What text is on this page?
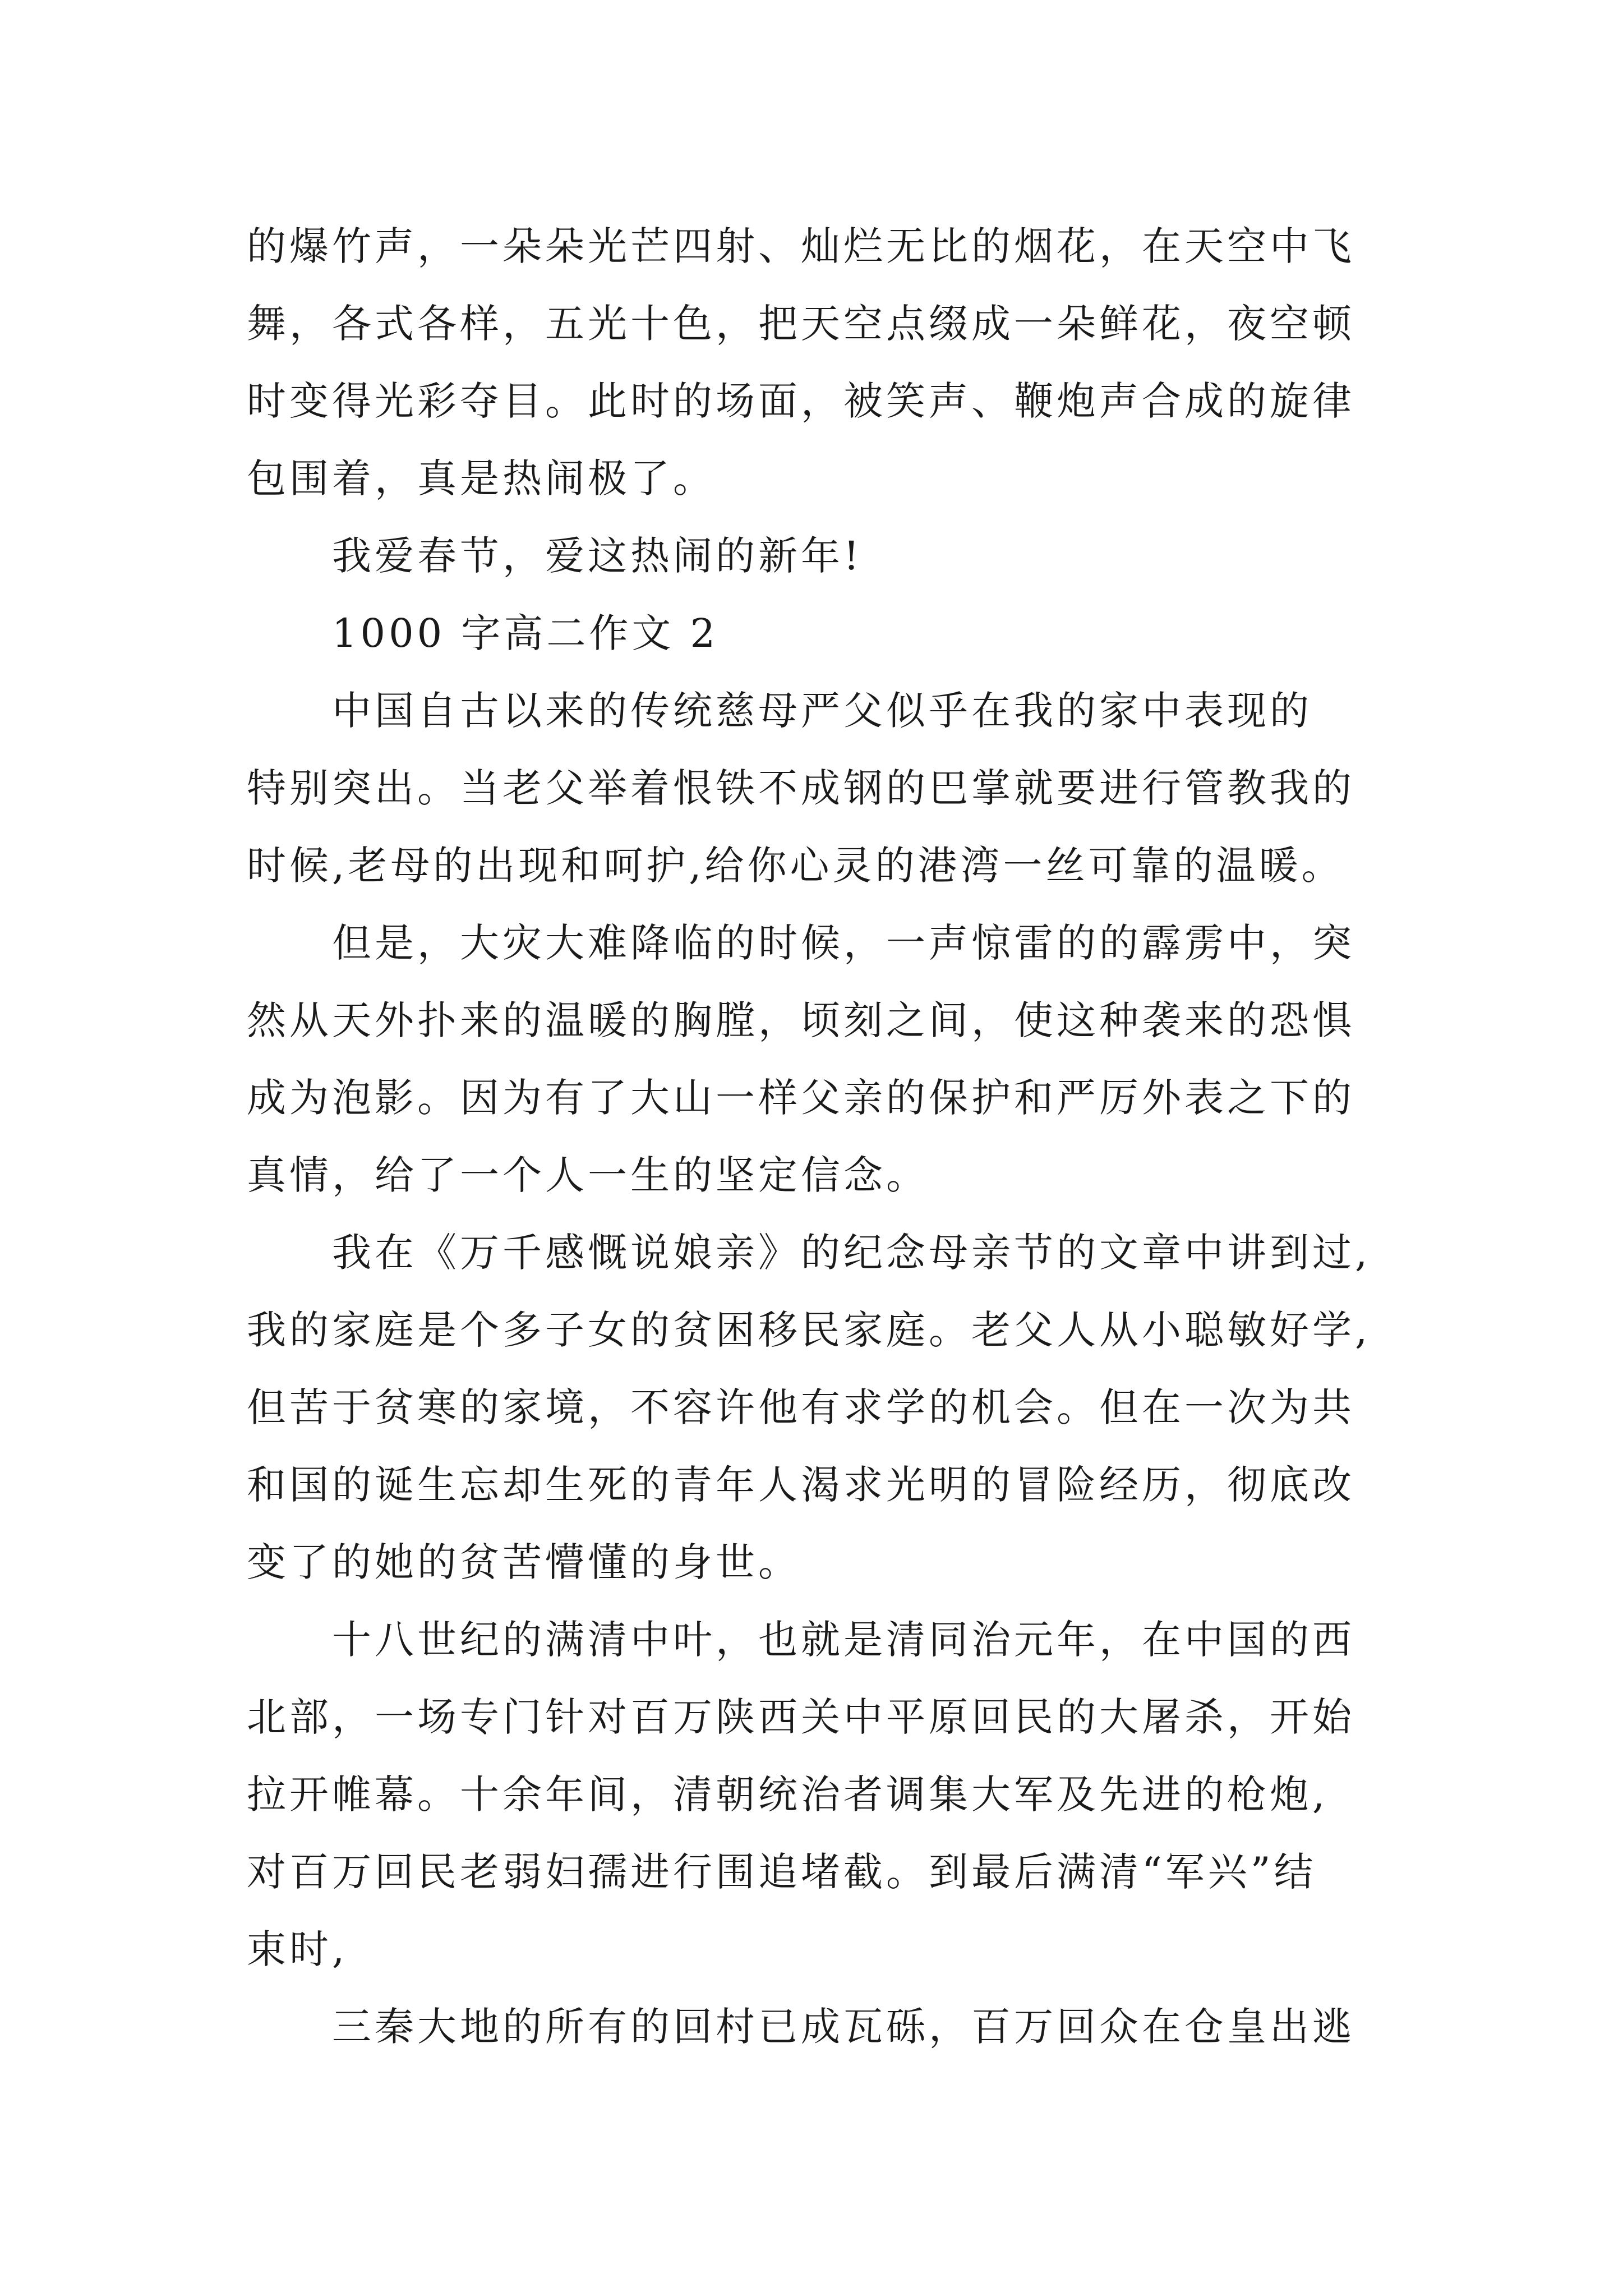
的爆竹声，一朵朵光芒四射、灿烂无比的烟花，在天空中飞
舞，各式各样，五光十色，把天空点缀成一朵鲜花，夜空顿
时变得光彩夺目。此时的场面，被笑声、鞭炮声合成的旋律
包围着，真是热闹极了。
我爱春节，爱这热闹的新年!
1000 字高二作文 2
中国自古以来的传统慈母严父似乎在我的家中表现的
特别突出。当老父举着恨铁不成钢的巴掌就要进行管教我的
时候,老母的出现和呵护,给你心灵的港湾一丝可靠的温暖。
但是，大灾大难降临的时候，一声惊雷的的霹雳中，突
然从天外扑来的温暖的胸膛，顷刻之间，使这种袭来的恐惧
成为泡影。因为有了大山一样父亲的保护和严厉外表之下的
真情，给了一个人一生的坚定信念。
我在《万千感慨说娘亲》的纪念母亲节的文章中讲到过,
我的家庭是个多子女的贫困移民家庭。老父人从小聪敏好学,
但苦于贫寒的家境，不容许他有求学的机会。但在一次为共
和国的诞生忘却生死的青年人渴求光明的冒险经历，彻底改
变了的她的贫苦懵懂的身世。
十八世纪的满清中叶，也就是清同治元年，在中国的西
北部，一场专门针对百万陕西关中平原回民的大屠杀，开始
拉开帷幕。十余年间，清朝统治者调集大军及先进的枪炮,
对百万回民老弱妇孺进行围追堵截。到最后满清“军兴”结
束时,
三秦大地的所有的回村已成瓦砾，百万回众在仓皇出逃
